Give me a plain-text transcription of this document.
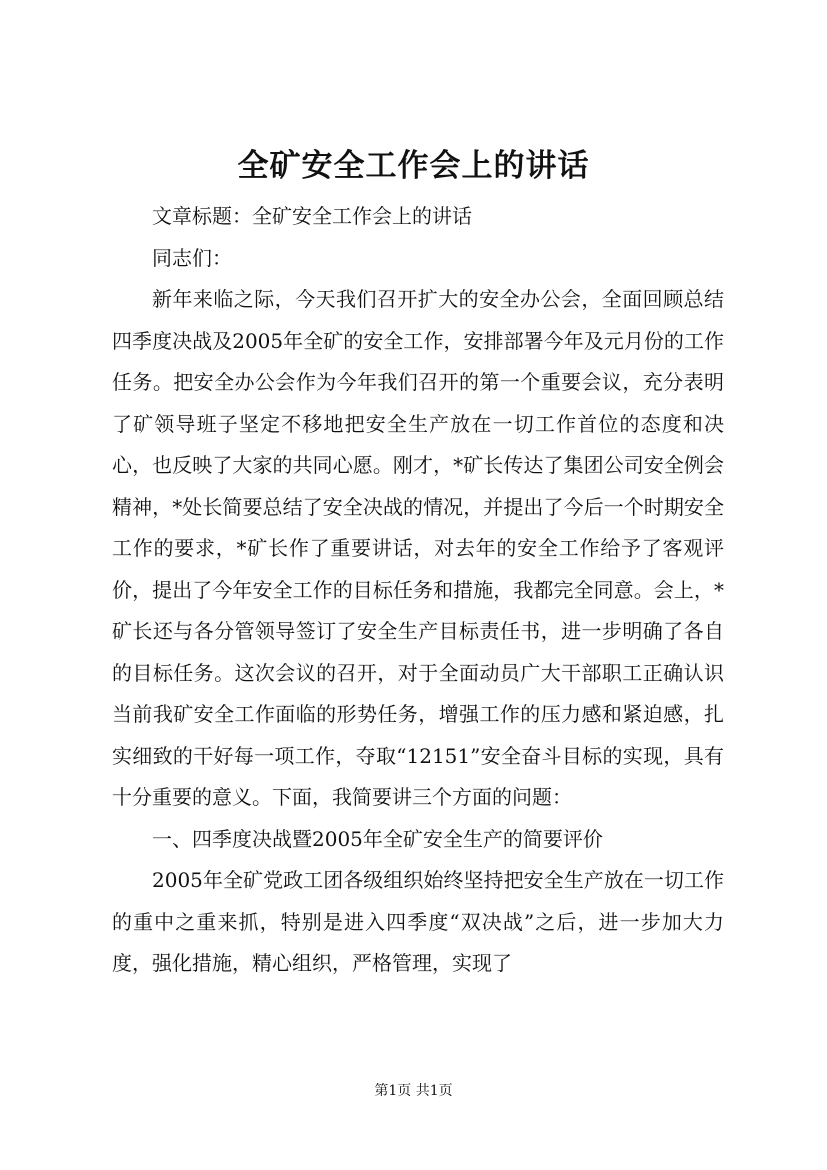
全矿安全工作会上的讲话

文章标题：全矿安全工作会上的讲话

同志们：

新年来临之际，今天我们召开扩大的安全办公会，全面回顾总结四季度决战及2005年全矿的安全工作，安排部署今年及元月份的工作任务。把安全办公会作为今年我们召开的第一个重要会议，充分表明了矿领导班子坚定不移地把安全生产放在一切工作首位的态度和决心，也反映了大家的共同心愿。刚才，*矿长传达了集团公司安全例会精神，*处长简要总结了安全决战的情况，并提出了今后一个时期安全工作的要求，*矿长作了重要讲话，对去年的安全工作给予了客观评价，提出了今年安全工作的目标任务和措施，我都完全同意。会上，*矿长还与各分管领导签订了安全生产目标责任书，进一步明确了各自的目标任务。这次会议的召开，对于全面动员广大干部职工正确认识当前我矿安全工作面临的形势任务，增强工作的压力感和紧迫感，扎实细致的干好每一项工作，夺取“12151”安全奋斗目标的实现，具有十分重要的意义。下面，我简要讲三个方面的问题：

一、四季度决战暨2005年全矿安全生产的简要评价

2005年全矿党政工团各级组织始终坚持把安全生产放在一切工作的重中之重来抓，特别是进入四季度“双决战”之后，进一步加大力度，强化措施，精心组织，严格管理，实现了

第1页 共1页
